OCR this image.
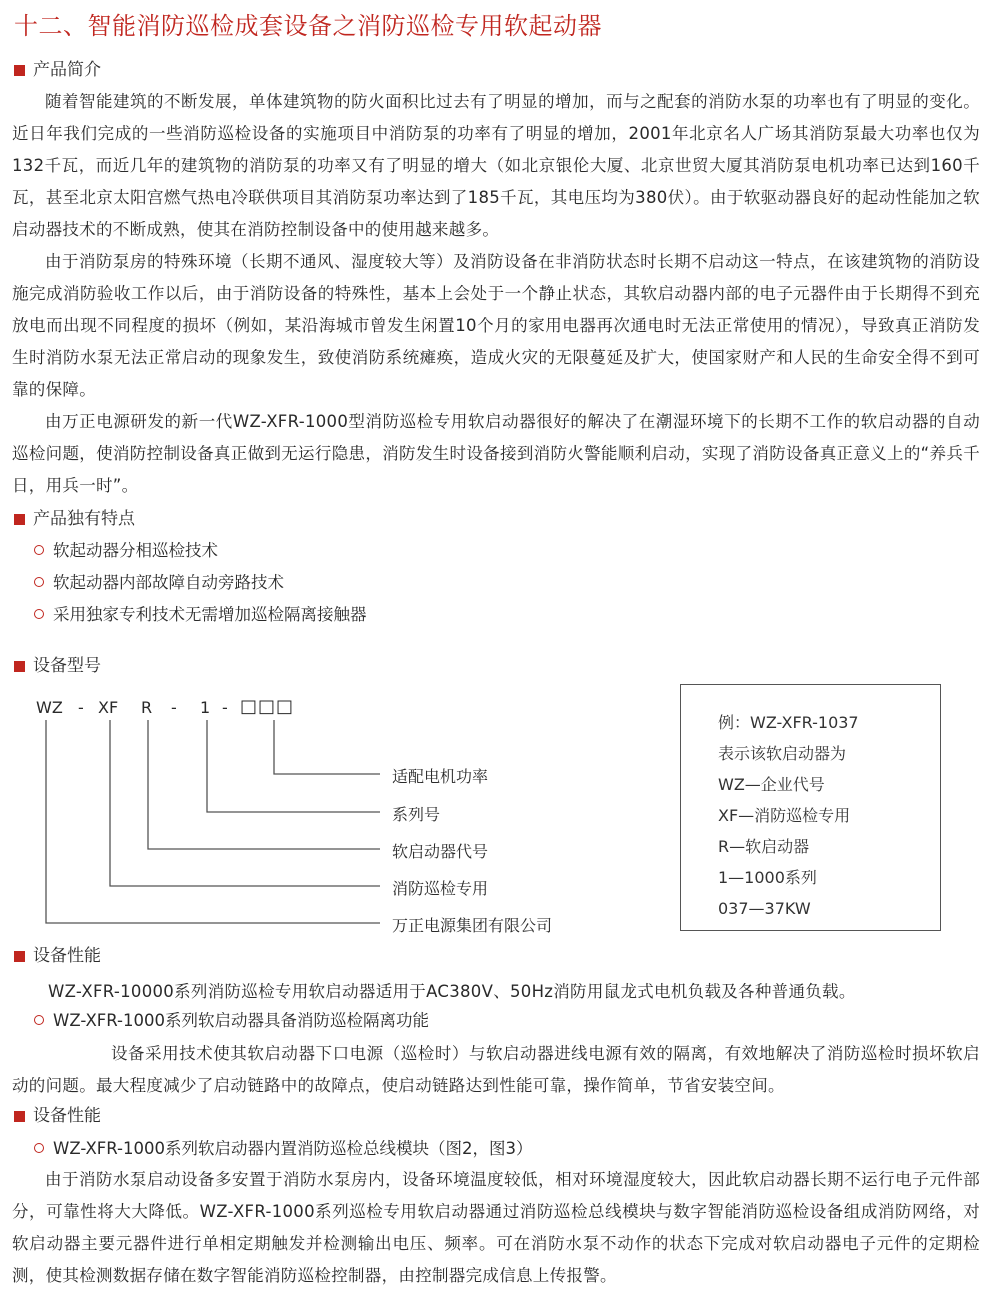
十二、智能消防巡检成套设备之消防巡检专用软起动器
产品简介

随着智能建筑的不断发展，单体建筑物的防火面积比过去有了明显的增加，而与之配套的消防水泵的功率也有了明显的变化。近日年我们完成的一些消防巡检设备的实施项目中消防泵的功率有了明显的增加，2001年北京名人广场其消防泵最大功率也仅为132千瓦，而近几年的建筑物的消防泵的功率又有了明显的增大（如北京银伦大厦、北京世贸大厦其消防泵电机功率已达到160千瓦，甚至北京太阳宫燃气热电冷联供项目其消防泵功率达到了185千瓦，其电压均为380伏）。由于软驱动器良好的起动性能加之软启动器技术的不断成熟，使其在消防控制设备中的使用越来越多。

由于消防泵房的特殊环境（长期不通风、湿度较大等）及消防设备在非消防状态时长期不启动这一特点，在该建筑物的消防设施完成消防验收工作以后，由于消防设备的特殊性，基本上会处于一个静止状态，其软启动器内部的电子元器件由于长期得不到充放电而出现不同程度的损坏（例如，某沿海城市曾发生闲置10个月的家用电器再次通电时无法正常使用的情况），导致真正消防发生时消防水泵无法正常启动的现象发生，致使消防系统瘫痪，造成火灾的无限蔓延及扩大，使国家财产和人民的生命安全得不到可靠的保障。

由万正电源研发的新一代WZ-XFR-1000型消防巡检专用软启动器很好的解决了在潮湿环境下的长期不工作的软启动器的自动巡检问题，使消防控制设备真正做到无运行隐患，消防发生时设备接到消防火警能顺利启动，实现了消防设备真正意义上的“养兵千日，用兵一时”。

产品独有特点
软起动器分相巡检技术
软起动器内部故障自动旁路技术
采用独家专利技术无需增加巡检隔离接触器
设备型号
WZ - XF R - 1 - □□□
适配电机功率
系列号
软启动器代号
消防巡检专用
万正电源集团有限公司
例：WZ-XFR-1037
表示该软启动器为
WZ—企业代号
XF—消防巡检专用
R—软启动器
1—1000系列
037—37KW
设备性能
WZ-XFR-10000系列消防巡检专用软启动器适用于AC380V、50Hz消防用鼠龙式电机负载及各种普通负载。
WZ-XFR-1000系列软启动器具备消防巡检隔离功能

设备采用技术使其软启动器下口电源（巡检时）与软启动器进线电源有效的隔离，有效地解决了消防巡检时损坏软启动的问题。最大程度减少了启动链路中的故障点，使启动链路达到性能可靠，操作简单，节省安装空间。

设备性能
WZ-XFR-1000系列软启动器内置消防巡检总线模块（图2，图3）

由于消防水泵启动设备多安置于消防水泵房内，设备环境温度较低，相对环境湿度较大，因此软启动器长期不运行电子元件部分，可靠性将大大降低。WZ-XFR-1000系列巡检专用软启动器通过消防巡检总线模块与数字智能消防巡检设备组成消防网络，对软启动器主要元器件进行单相定期触发并检测输出电压、频率。可在消防水泵不动作的状态下完成对软启动器电子元件的定期检测，使其检测数据存储在数字智能消防巡检控制器，由控制器完成信息上传报警。
